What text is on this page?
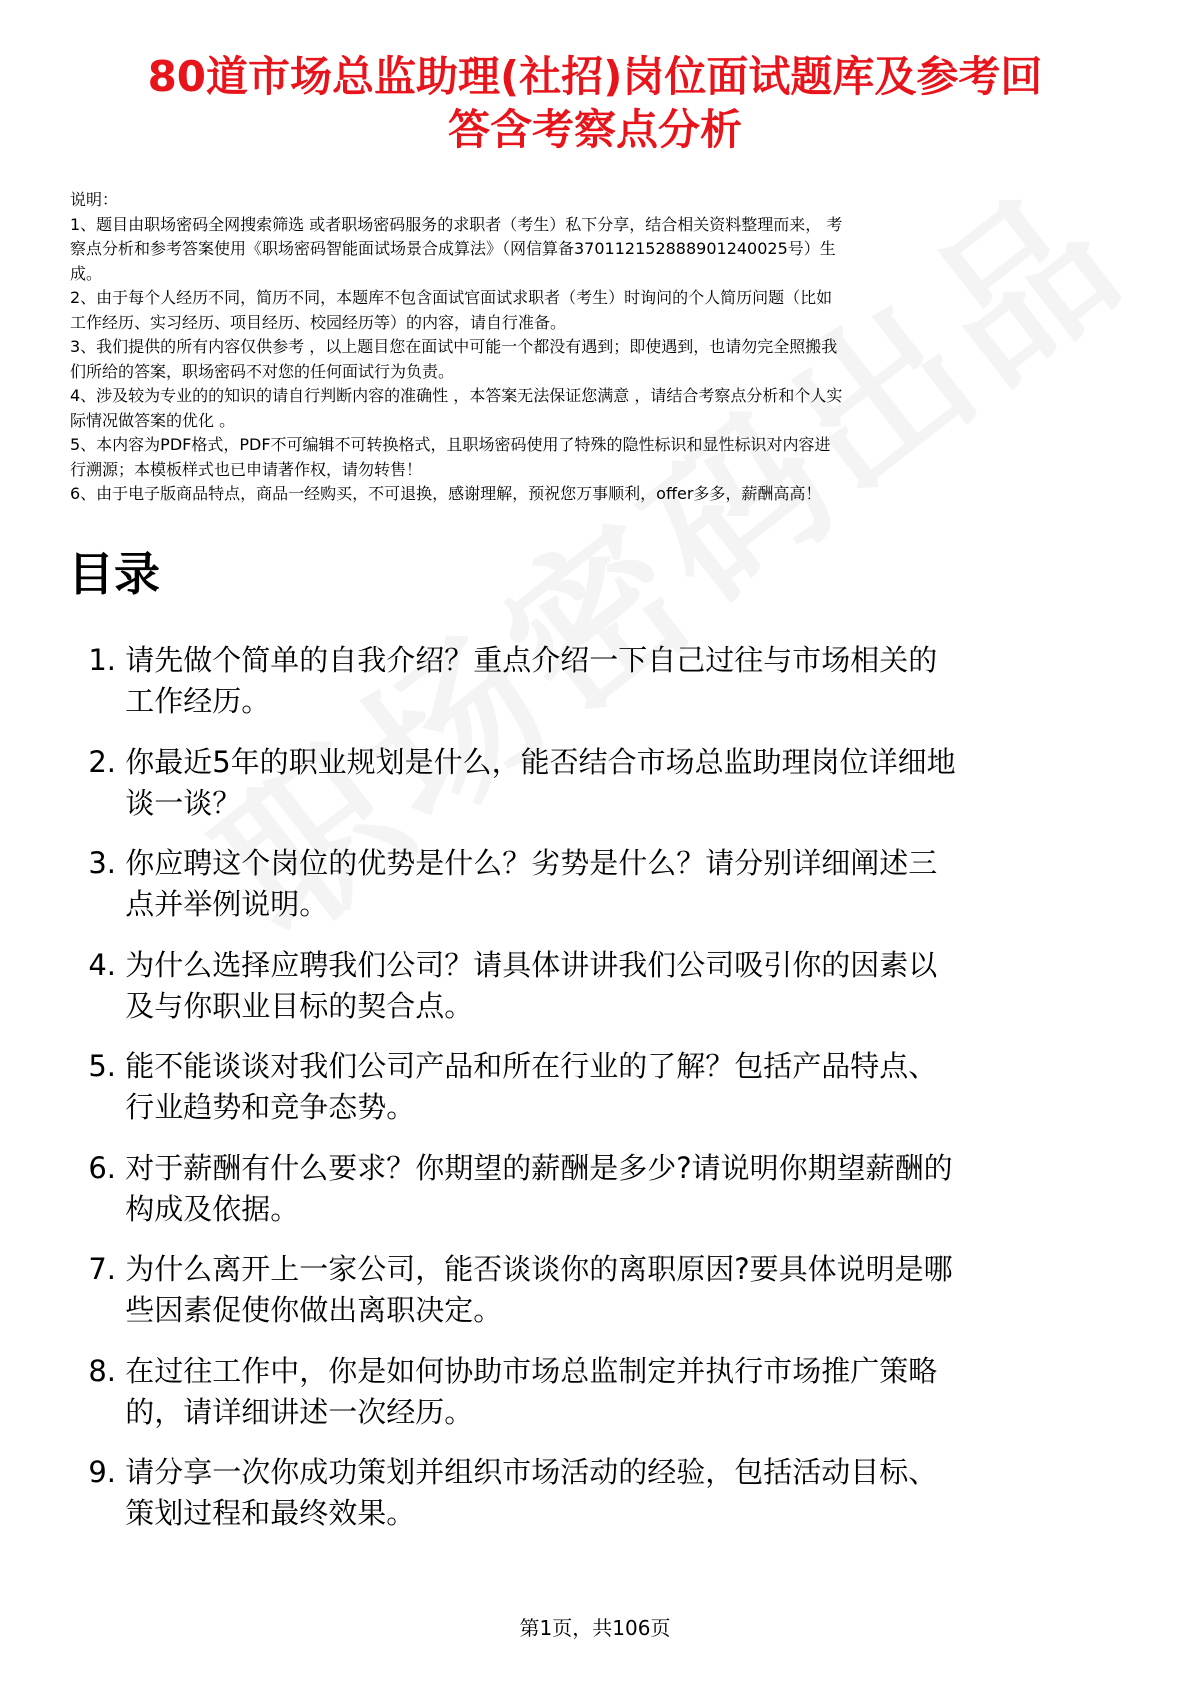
80道市场总监助理(社招)岗位面试题库及参考回
答含考察点分析
说明：
1、题目由职场密码全网搜索筛选 或者职场密码服务的求职者（考生）私下分享，结合相关资料整理而来， 考
察点分析和参考答案使用《职场密码智能面试场景合成算法》（网信算备370112152888901240025号）生
成。
2、由于每个人经历不同，简历不同，本题库不包含面试官面试求职者（考生）时询问的个人简历问题（比如
工作经历、实习经历、项目经历、校园经历等）的内容，请自行准备。
3、我们提供的所有内容仅供参考 ，以上题目您在面试中可能一个都没有遇到；即使遇到，也请勿完全照搬我
们所给的答案，职场密码不对您的任何面试行为负责。
4、涉及较为专业的的知识的请自行判断内容的准确性 ，本答案无法保证您满意 ，请结合考察点分析和个人实
际情况做答案的优化 。
5、本内容为PDF格式，PDF不可编辑不可转换格式，且职场密码使用了特殊的隐性标识和显性标识对内容进
行溯源；本模板样式也已申请著作权，请勿转售！
6、由于电子版商品特点，商品一经购买，不可退换，感谢理解，预祝您万事顺利，offer多多，薪酬高高！
目录
1. 请先做个简单的自我介绍？重点介绍一下自己过往与市场相关的
工作经历。
2. 你最近5年的职业规划是什么，能否结合市场总监助理岗位详细地
谈一谈？
3. 你应聘这个岗位的优势是什么？劣势是什么？请分别详细阐述三
点并举例说明。
4. 为什么选择应聘我们公司？请具体讲讲我们公司吸引你的因素以
及与你职业目标的契合点。
5. 能不能谈谈对我们公司产品和所在行业的了解？包括产品特点、
行业趋势和竞争态势。
6. 对于薪酬有什么要求？你期望的薪酬是多少?请说明你期望薪酬的
构成及依据。
7. 为什么离开上一家公司，能否谈谈你的离职原因?要具体说明是哪
些因素促使你做出离职决定。
8. 在过往工作中，你是如何协助市场总监制定并执行市场推广策略
的，请详细讲述一次经历。
9. 请分享一次你成功策划并组织市场活动的经验，包括活动目标、
策划过程和最终效果。
第1页，共106页
